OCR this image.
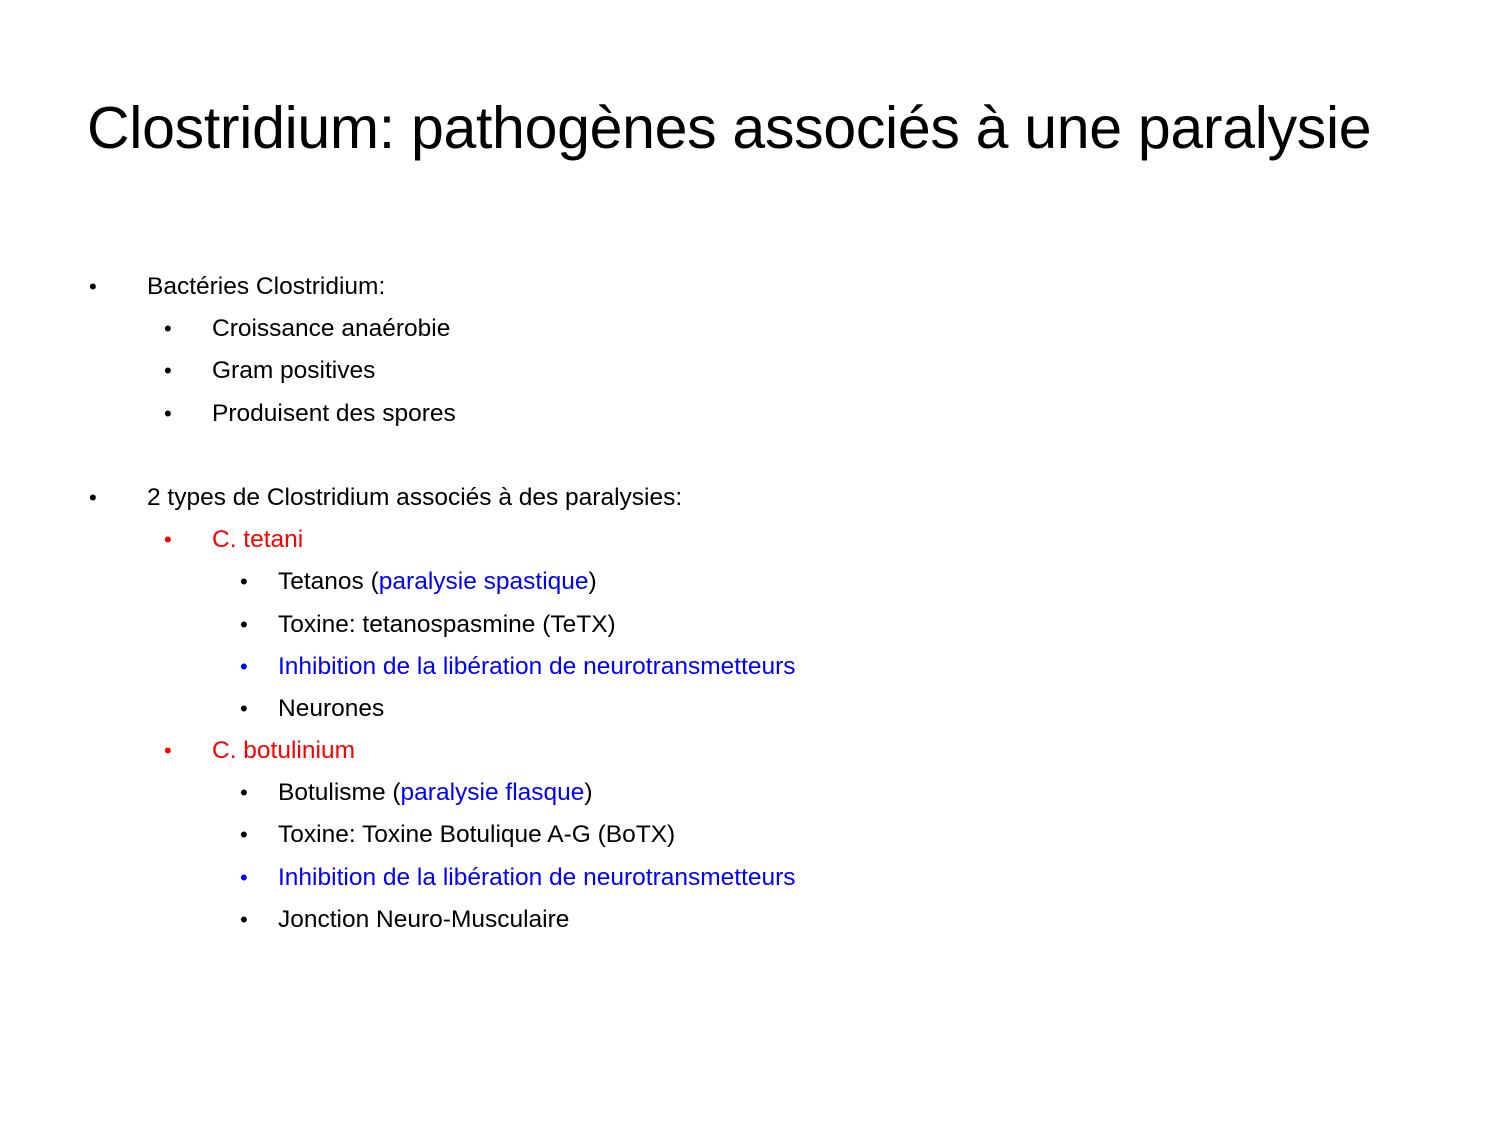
Clostridium: pathogènes associés à une paralysie
• Bactéries Clostridium:
• Croissance anaérobie
• Gram positives
• Produisent des spores
• 2 types de Clostridium associés à des paralysies:
• C. tetani
• Tetanos (paralysie spastique)
• Toxine: tetanospasmine (TeTX)
• Inhibition de la libération de neurotransmetteurs
• Neurones
• C. botulinium
• Botulisme (paralysie flasque)
• Toxine: Toxine Botulique A-G (BoTX)
• Inhibition de la libération de neurotransmetteurs
• Jonction Neuro-Musculaire
